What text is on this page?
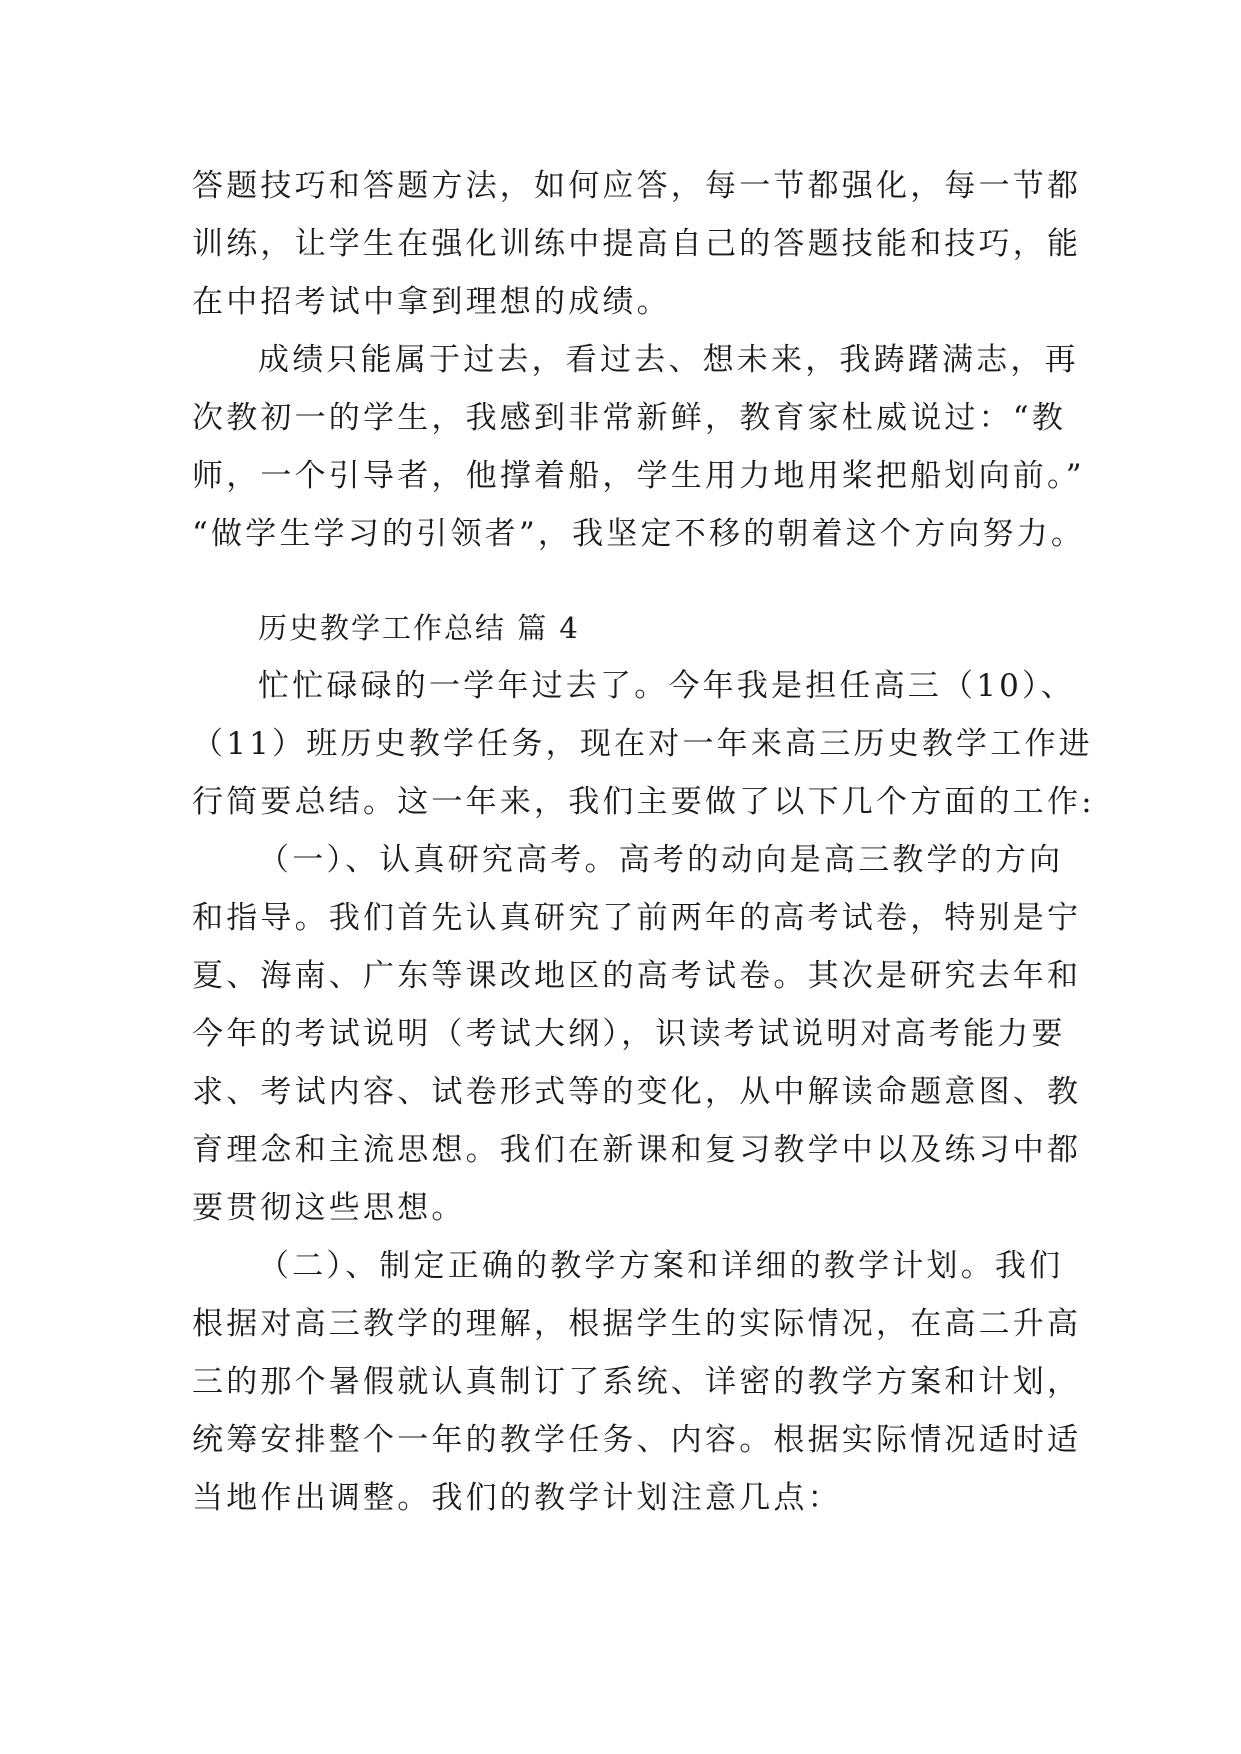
答题技巧和答题方法，如何应答，每一节都强化，每一节都
训练，让学生在强化训练中提高自己的答题技能和技巧，能
在中招考试中拿到理想的成绩。
成绩只能属于过去，看过去、想未来，我踌躇满志，再
次教初一的学生，我感到非常新鲜，教育家杜威说过：“教
师，一个引导者，他撑着船，学生用力地用桨把船划向前。”
“做学生学习的引领者”，我坚定不移的朝着这个方向努力。
历史教学工作总结 篇 4
忙忙碌碌的一学年过去了。今年我是担任高三（10）、
（11）班历史教学任务，现在对一年来高三历史教学工作进
行简要总结。这一年来，我们主要做了以下几个方面的工作:
（一）、认真研究高考。高考的动向是高三教学的方向
和指导。我们首先认真研究了前两年的高考试卷，特别是宁
夏、海南、广东等课改地区的高考试卷。其次是研究去年和
今年的考试说明（考试大纲），识读考试说明对高考能力要
求、考试内容、试卷形式等的变化，从中解读命题意图、教
育理念和主流思想。我们在新课和复习教学中以及练习中都
要贯彻这些思想。
（二）、制定正确的教学方案和详细的教学计划。我们
根据对高三教学的理解，根据学生的实际情况，在高二升高
三的那个暑假就认真制订了系统、详密的教学方案和计划，
统筹安排整个一年的教学任务、内容。根据实际情况适时适
当地作出调整。我们的教学计划注意几点：
